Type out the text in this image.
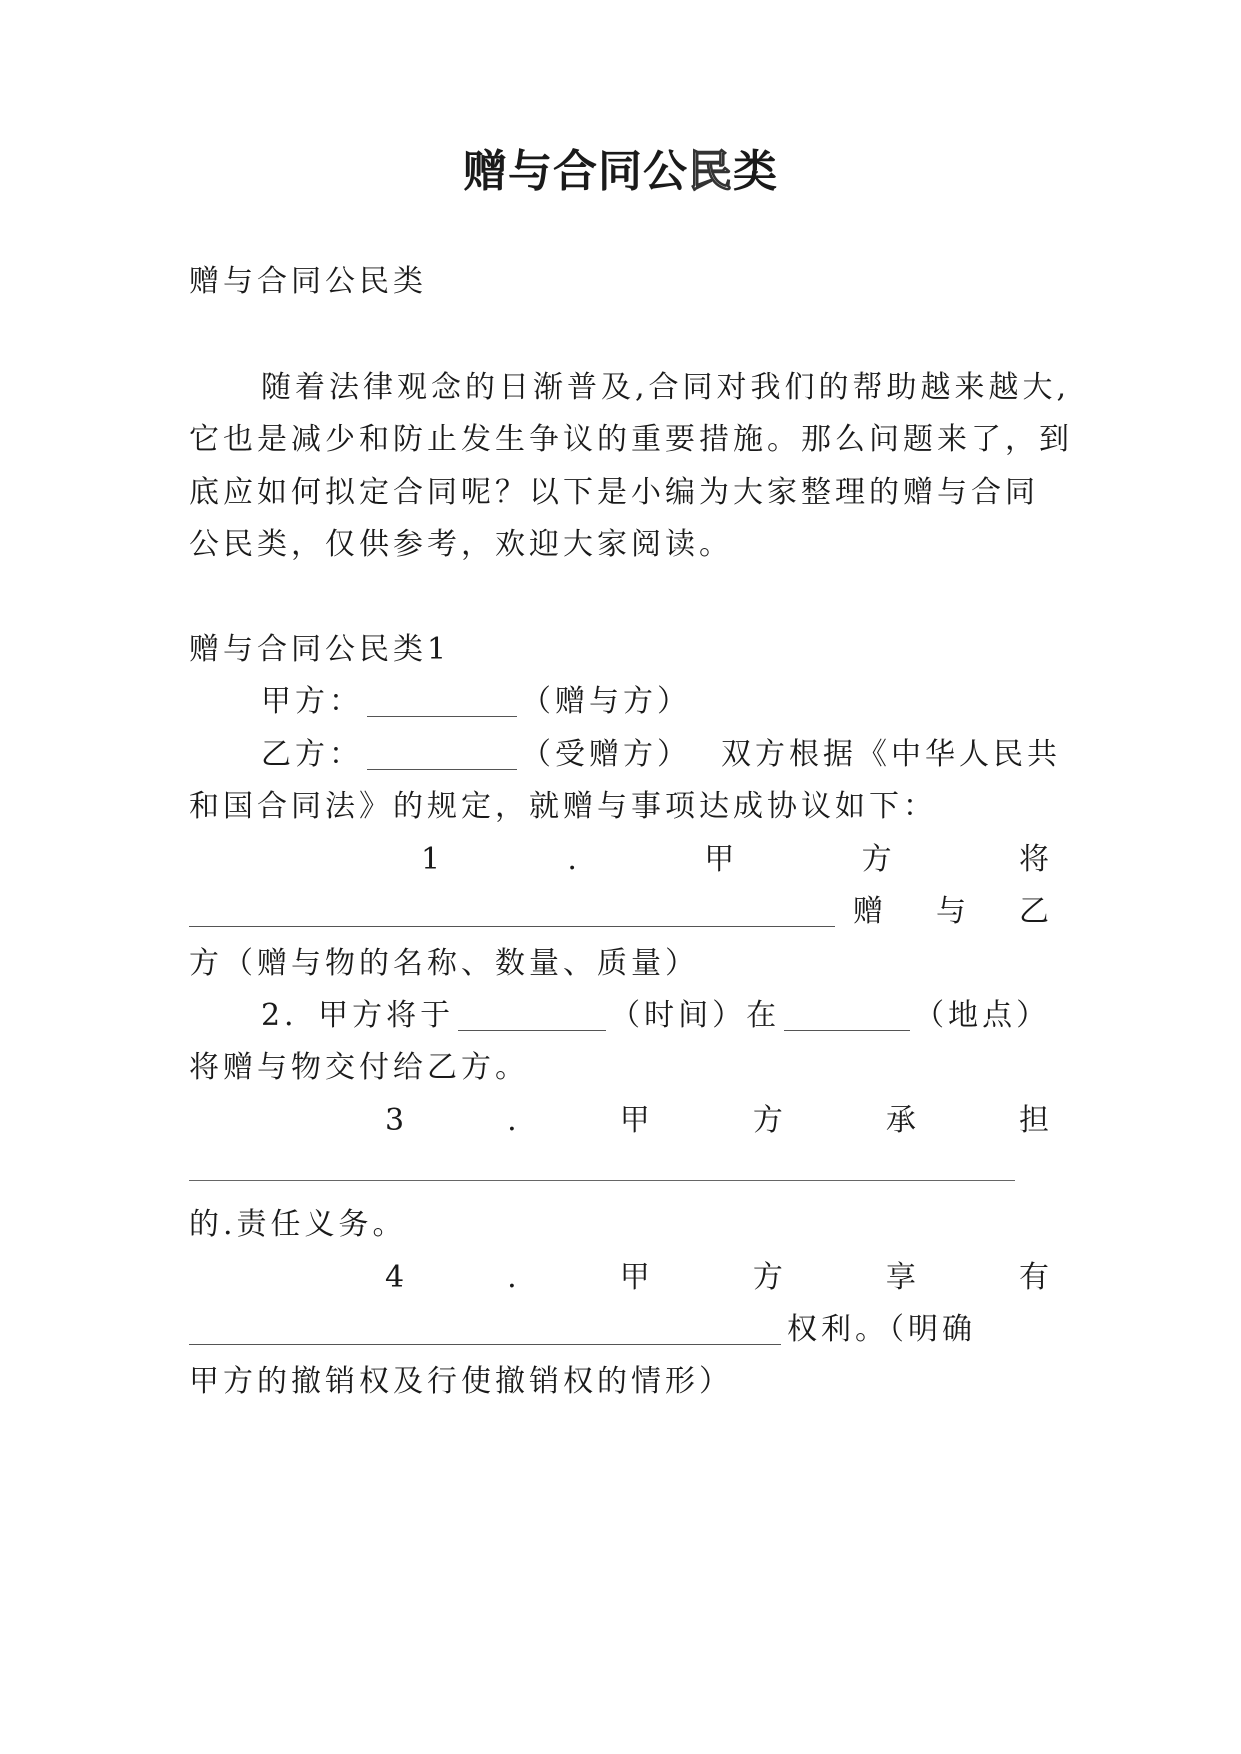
赠与合同公民类
赠与合同公民类
随着法律观念的日渐普及,合同对我们的帮助越来越大,
它也是减少和防止发生争议的重要措施。那么问题来了，到
底应如何拟定合同呢？以下是小编为大家整理的赠与合同
公民类，仅供参考，欢迎大家阅读。
赠与合同公民类1
甲方：	（赠与方）
乙方：	（受赠方） 双方根据《中华人民共
和国合同法》的规定，就赠与事项达成协议如下：
1	.	甲	方	将
赠 与 乙
方（赠与物的名称、数量、质量）
2．甲方将于	（时间）在	（地点）
将赠与物交付给乙方。
3	.	甲	方	承	担
的.责任义务。
4	.	甲	方	享	有
权利。（明确
甲方的撤销权及行使撤销权的情形）
